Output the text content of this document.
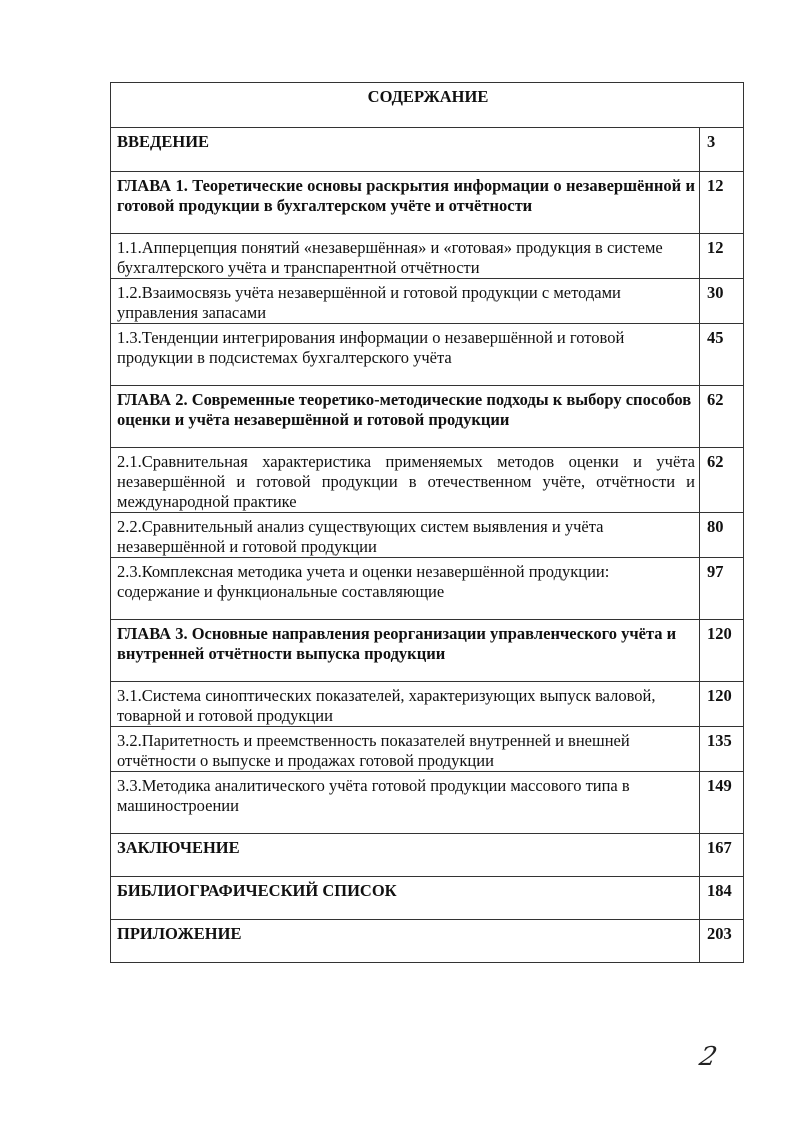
СОДЕРЖАНИЕ	
ВВЕДЕНИЕ	3
ГЛАВА 1. Теоретические основы раскрытия информации о незавершённой и готовой продукции в бухгалтерском учёте и отчётности	12
1.1.Апперцепция понятий «незавершённая» и «готовая» продукция в системе бухгалтерского учёта и транспарентной отчётности	12
1.2.Взаимосвязь учёта незавершённой и готовой продукции с методами управления запасами	30
1.3.Тенденции интегрирования информации о незавершённой и готовой продукции в подсистемах бухгалтерского учёта	45
ГЛАВА 2. Современные теоретико-методические подходы к выбору способов оценки и учёта незавершённой и готовой продукции	62
2.1.Сравнительная характеристика применяемых методов оценки и учёта незавершённой и готовой продукции в отечественном учёте, отчётности и международной практике	62
2.2.Сравнительный анализ существующих систем выявления и учёта незавершённой и готовой продукции	80
2.3.Комплексная методика учета и оценки незавершённой продукции: содержание и функциональные составляющие	97
ГЛАВА 3. Основные направления реорганизации управленческого учёта и внутренней отчётности выпуска продукции	120
3.1.Система синоптических показателей, характеризующих выпуск валовой, товарной и готовой продукции	120
3.2.Паритетность и преемственность показателей внутренней и внешней отчётности о выпуске и продажах готовой продукции	135
3.3.Методика аналитического учёта готовой продукции массового типа в машиностроении	149
ЗАКЛЮЧЕНИЕ	167
БИБЛИОГРАФИЧЕСКИЙ СПИСОК	184
ПРИЛОЖЕНИЕ	203
2
